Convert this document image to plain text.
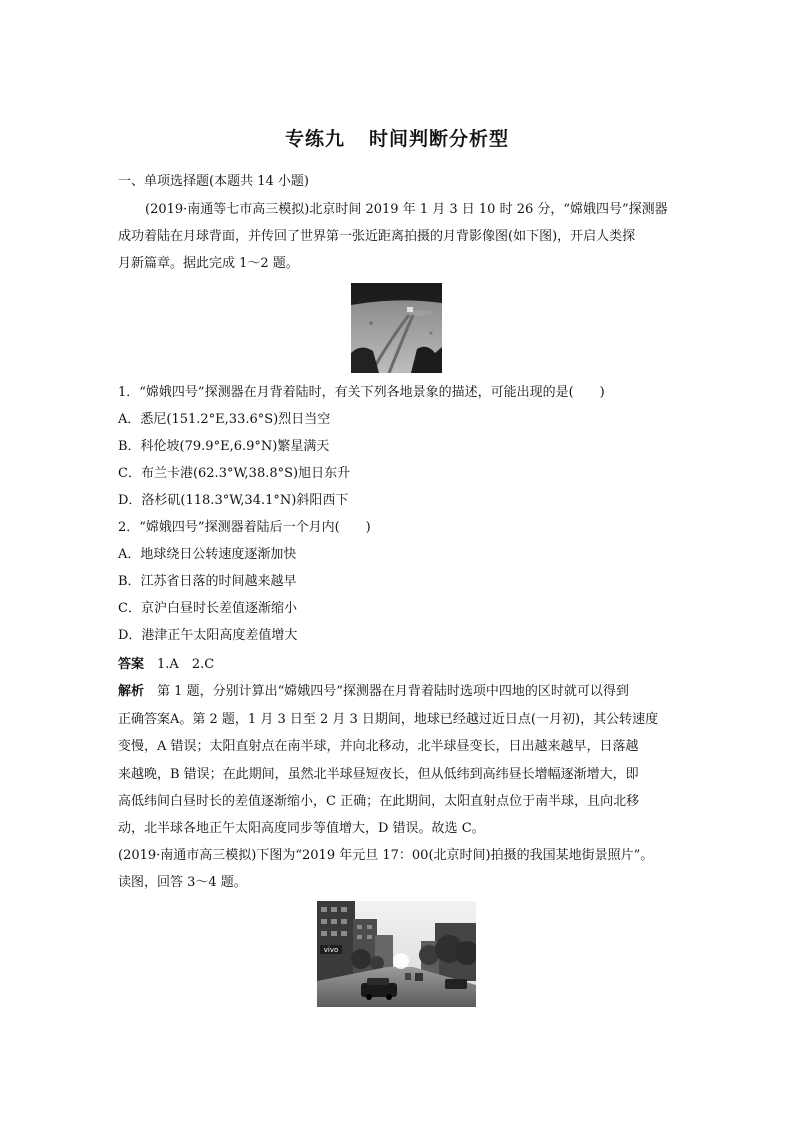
专练九 时间判断分析型
一、单项选择题(本题共 14 小题)
(2019·南通等七市高三模拟)北京时间 2019 年 1 月 3 日 10 时 26 分，“嫦娥四号”探测器
成功着陆在月球背面，并传回了世界第一张近距离拍摄的月背影像图(如下图)，开启人类探
月新篇章。据此完成 1～2 题。
1．“嫦娥四号”探测器在月背着陆时，有关下列各地景象的描述，可能出现的是(　　)
A．悉尼(151.2°E,33.6°S)烈日当空
B．科伦坡(79.9°E,6.9°N)繁星满天
C．布兰卡港(62.3°W,38.8°S)旭日东升
D．洛杉矶(118.3°W,34.1°N)斜阳西下
2．“嫦娥四号”探测器着陆后一个月内(　　)
A．地球绕日公转速度逐渐加快
B．江苏省日落的时间越来越早
C．京沪白昼时长差值逐渐缩小
D．港津正午太阳高度差值增大
答案　 1.A　2.C
解析　 第 1 题，分别计算出“嫦娥四号”探测器在月背着陆时选项中四地的区时就可以得到
正确答案A。第 2 题，1 月 3 日至 2 月 3 日期间，地球已经越过近日点(一月初)，其公转速度
变慢，A 错误；太阳直射点在南半球，并向北移动，北半球昼变长，日出越来越早，日落越
来越晚，B 错误；在此期间，虽然北半球昼短夜长，但从低纬到高纬昼长增幅逐渐增大，即
高低纬间白昼时长的差值逐渐缩小，C 正确；在此期间，太阳直射点位于南半球，且向北移
动，北半球各地正午太阳高度同步等值增大，D 错误。故选 C。
(2019·南通市高三模拟)下图为“2019 年元旦 17：00(北京时间)拍摄的我国某地街景照片”。
读图，回答 3～4 题。
vivo
